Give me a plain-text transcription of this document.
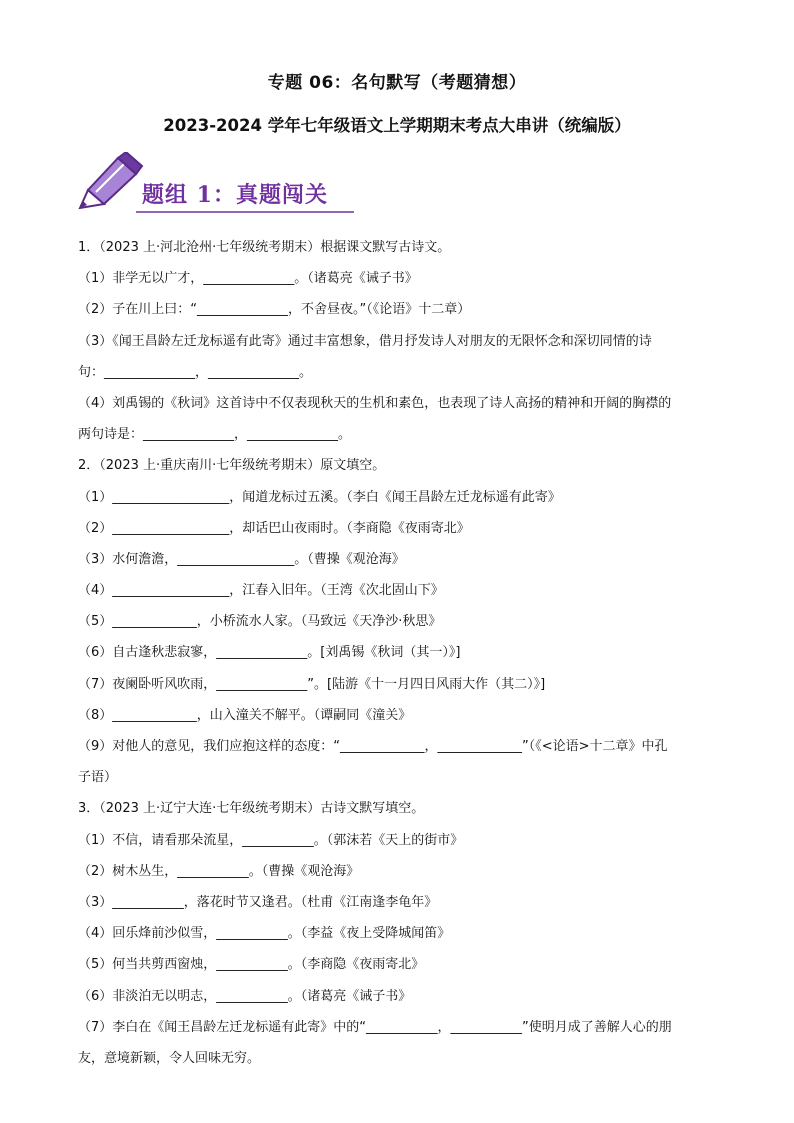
专题 06：名句默写（考题猜想）
2023-2024 学年七年级语文上学期期末考点大串讲（统编版）
题组 1：真题闯关
1．（2023 上·河北沧州·七年级统考期末）根据课文默写古诗文。
（1）非学无以广才，______________。（诸葛亮《诫子书》
（2）子在川上曰：“______________，不舍昼夜。”（《论语》十二章）
（3）《闻王昌龄左迁龙标遥有此寄》通过丰富想象，借月抒发诗人对朋友的无限怀念和深切同情的诗
句：______________，______________。
（4）刘禹锡的《秋词》这首诗中不仅表现秋天的生机和素色，也表现了诗人高扬的精神和开阔的胸襟的
两句诗是：______________，______________。
2．（2023 上·重庆南川·七年级统考期末）原文填空。
（1）__________________，闻道龙标过五溪。（李白《闻王昌龄左迁龙标遥有此寄》
（2）__________________，却话巴山夜雨时。（李商隐《夜雨寄北》
（3）水何澹澹，__________________。（曹操《观沧海》
（4）__________________，江春入旧年。（王湾《次北固山下》
（5）_____________，小桥流水人家。（马致远《天净沙·秋思》
（6）自古逢秋悲寂寥，______________。[刘禹锡《秋词（其一）》]
（7）夜阑卧听风吹雨，______________”。[陆游《十一月四日风雨大作（其二）》]
（8）_____________，山入潼关不解平。（谭嗣同《潼关》
（9）对他人的意见，我们应抱这样的态度：“_____________，_____________”（《<论语>十二章》中孔
子语）
3．（2023 上·辽宁大连·七年级统考期末）古诗文默写填空。
（1）不信，请看那朵流星，___________。（郭沫若《天上的街市》
（2）树木丛生，___________。（曹操《观沧海》
（3）___________，落花时节又逢君。（杜甫《江南逢李龟年》
（4）回乐烽前沙似雪，___________。（李益《夜上受降城闻笛》
（5）何当共剪西窗烛，___________。（李商隐《夜雨寄北》
（6）非淡泊无以明志，___________。（诸葛亮《诫子书》
（7）李白在《闻王昌龄左迁龙标遥有此寄》中的“___________，___________”使明月成了善解人心的朋
友，意境新颖，令人回味无穷。
